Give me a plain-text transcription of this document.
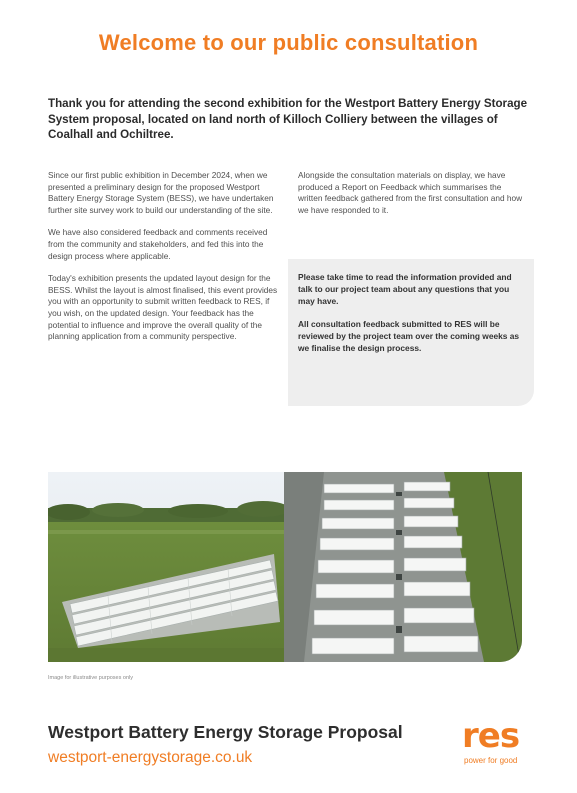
Welcome to our public consultation
Thank you for attending the second exhibition for the Westport Battery Energy Storage System proposal, located on land north of Killoch Colliery between the villages of Coalhall and Ochiltree.

Since our first public exhibition in December 2024, when we presented a preliminary design for the proposed Westport Battery Energy Storage System (BESS), we have undertaken further site survey work to build our understanding of the site.

We have also considered feedback and comments received from the community and stakeholders, and fed this into the design process where applicable.

Today's exhibition presents the updated layout design for the BESS. Whilst the layout is almost finalised, this event provides you with an opportunity to submit written feedback to RES, if you wish, on the updated design. Your feedback has the potential to influence and improve the overall quality of the planning application from a community perspective.

Alongside the consultation materials on display, we have produced a Report on Feedback which summarises the written feedback gathered from the first consultation and how we have responded to it.

Please take time to read the information provided and talk to our project team about any questions that you may have.

All consultation feedback submitted to RES will be reviewed by the project team over the coming weeks as we finalise the design process.

Image for illustrative purposes only
Westport Battery Energy Storage Proposal
westport-energystorage.co.uk
res
power for good
